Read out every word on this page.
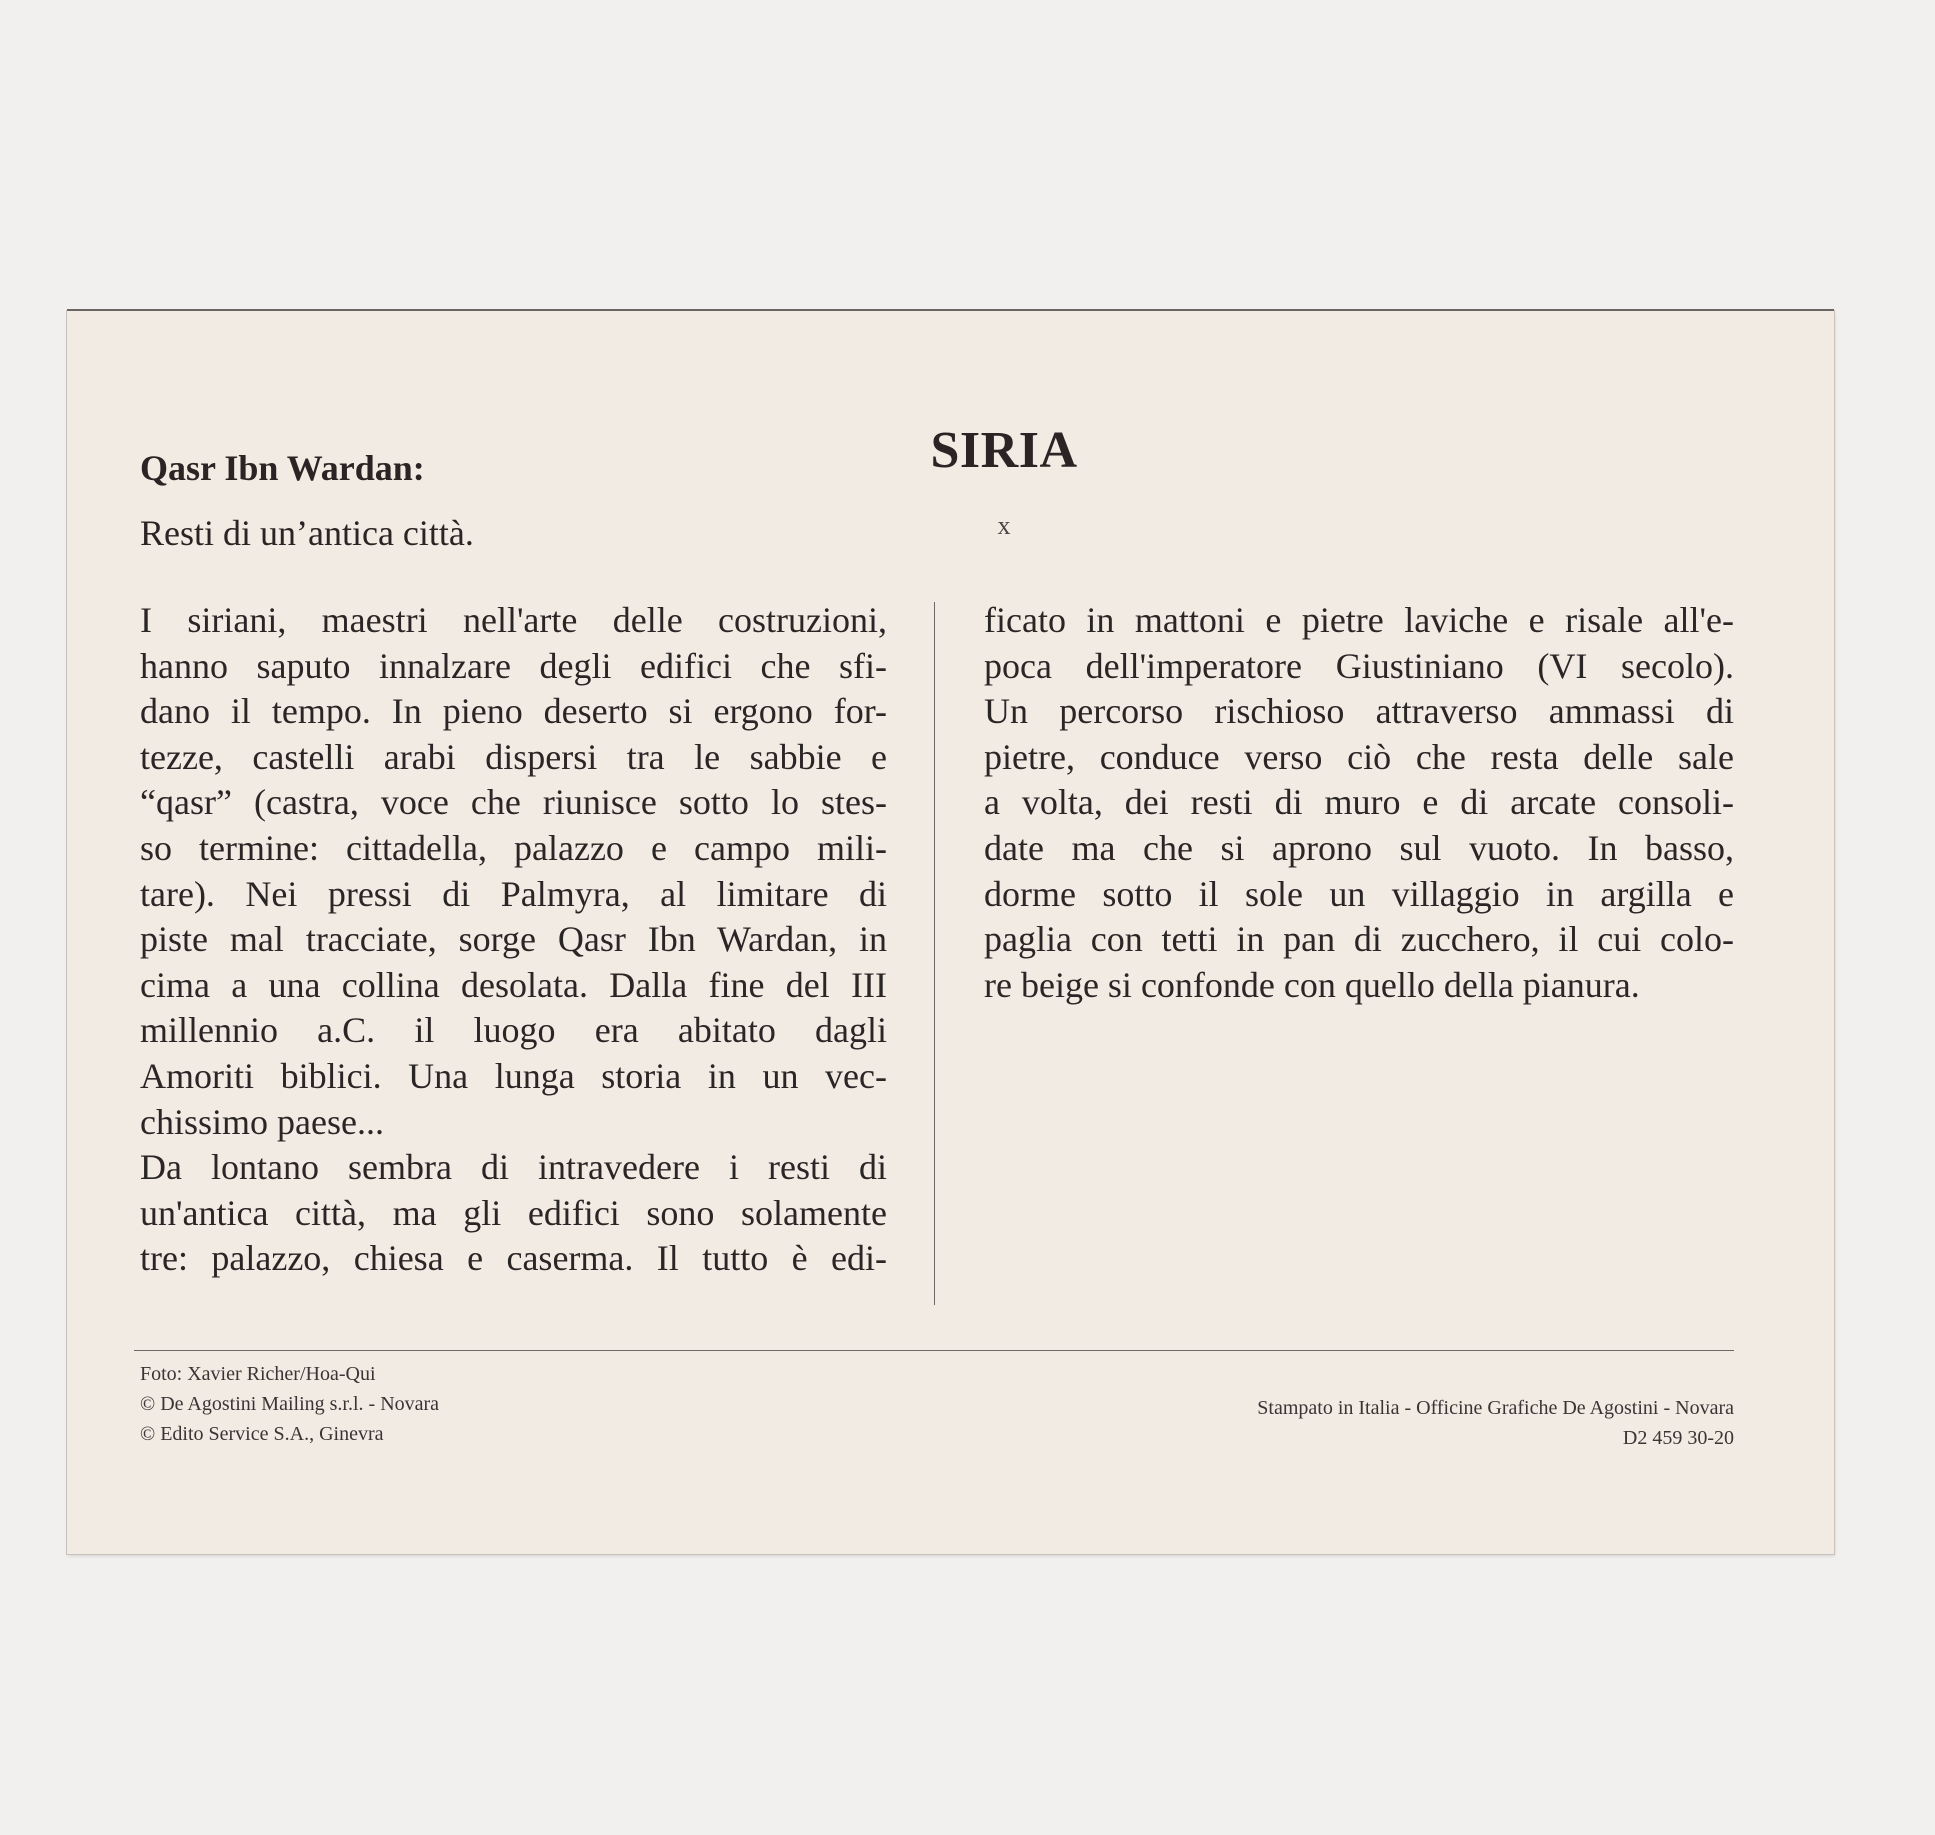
SIRIA
x
Qasr Ibn Wardan:
Resti di un’antica città.
I siriani, maestri nell'arte delle costruzioni,
hanno saputo innalzare degli edifici che sfi-
dano il tempo. In pieno deserto si ergono for-
tezze, castelli arabi dispersi tra le sabbie e
“qasr” (castra, voce che riunisce sotto lo stes-
so termine: cittadella, palazzo e campo mili-
tare). Nei pressi di Palmyra, al limitare di
piste mal tracciate, sorge Qasr Ibn Wardan, in
cima a una collina desolata. Dalla fine del III
millennio a.C. il luogo era abitato dagli
Amoriti biblici. Una lunga storia in un vec-
chissimo paese...
Da lontano sembra di intravedere i resti di
un'antica città, ma gli edifici sono solamente
tre: palazzo, chiesa e caserma. Il tutto è edi-
ficato in mattoni e pietre laviche e risale all'e-
poca dell'imperatore Giustiniano (VI secolo).
Un percorso rischioso attraverso ammassi di
pietre, conduce verso ciò che resta delle sale
a volta, dei resti di muro e di arcate consoli-
date ma che si aprono sul vuoto. In basso,
dorme sotto il sole un villaggio in argilla e
paglia con tetti in pan di zucchero, il cui colo-
re beige si confonde con quello della pianura.
Foto: Xavier Richer/Hoa-Qui
© De Agostini Mailing s.r.l. - Novara
© Edito Service S.A., Ginevra
Stampato in Italia - Officine Grafiche De Agostini - Novara
D2 459 30-20
